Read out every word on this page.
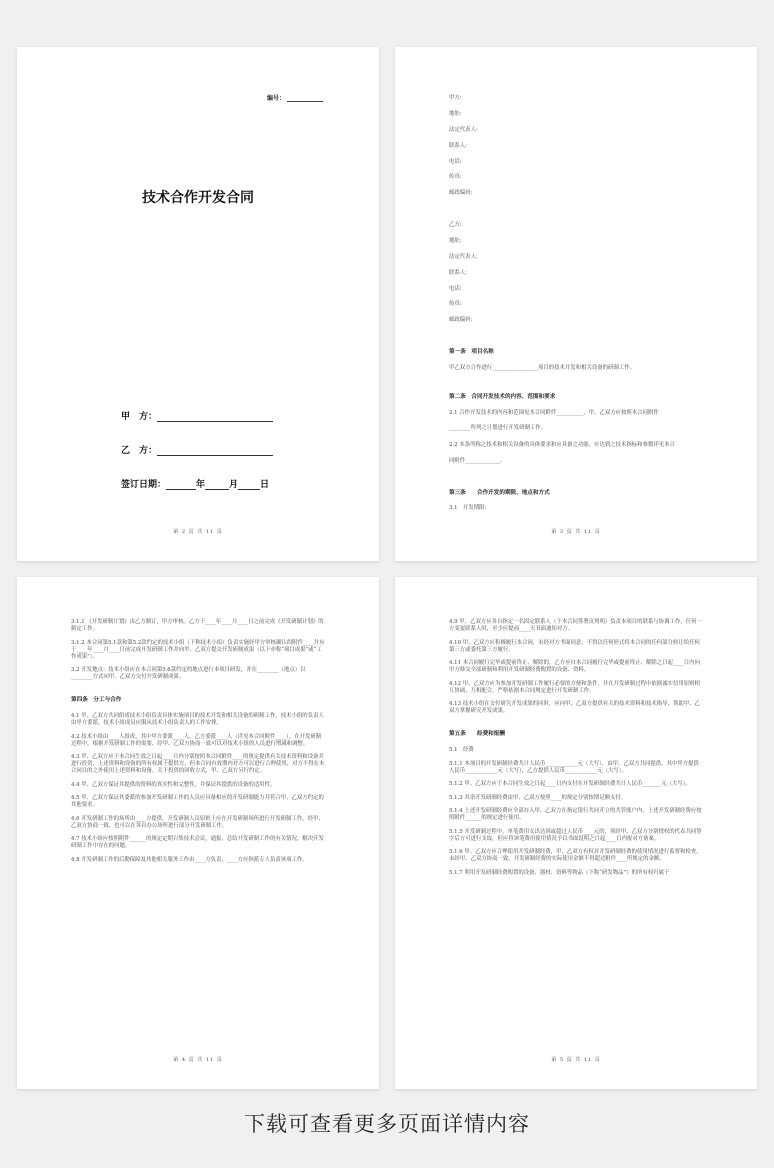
编号：
技术合作开发合同
甲　方：
乙　方：
签订日期：	年	月 日
第 2 页 共 11 页
甲方:
地址:
法定代表人:
联系人:
电话:
传真:
邮政编码:
乙方:
地址:
法定代表人:
联系人:
电话:
传真:
邮政编码:
第一条　项目名称
甲乙双方合作进行_________________项目的技术开发和相关设备的研制工作。
第二条　合同开发技术的内容、范围和要求
2.1 合作开发技术的内容和范围见本合同附件__________，甲、乙双方应按照本合同附件
________所列之计划进行开发研制工作。
2.2 本条所称之技术和相关设备的具体要求和应具备之功能、应达到之技术指标和参数详见本合
同附件_____________。
第三条　　合作开发的期限、地点和方式
3.1　开发期限:
第 3 页 共 11 页

3.1.1 《开发研制计划》由乙方制订，甲方审核。乙方于____年____月____日之前完成《开发研制计划》的制定工作。

3.1.2 本合同第5.1款和第5.2款约定的技术小组（下称技术小组）负责实施经甲方审核确认的附件____并应于____年____月____日前完成开发研制工作并向甲、乙双方提交开发研制成果（以下亦称“项目成果”或“工作成果”）。

3.2 开发地点：技术小组应在本合同第5.6款约定的地点进行本项目研发，并在________（地点）以________方式向甲、乙双方交付开发研制成果。

第四条　分工与合作

4.1 甲、乙双方共同组成技术小组负责具体实施项目的技术开发和相关设备的研制工作，技术小组的负责人由甲方委派，技术小组成员应服从技术小组负责人的工作安排。

4.2 技术小组由____人组成，其中甲方委派____人，乙方委派____人（详见本合同附件____），在开发研制过程中，根据开发研制工作的需要，经甲、乙双方协商一致可以对技术小组的人员进行增减和调整。

4.3 甲、乙双方应于本合同生效之日起____日内分别按照本合同附件____的规定提供有关技术资料和设备并进行投资，上述资料和设备的所有权属于提供方，但本合同有效期内对方可以进行合理使用，对方不得在本合同目的之外使用上述资料和设备。关于投资的回收方式，甲、乙双方另行约定。

4.4 甲、乙双方保证其提供的资料的真实性和完整性，并保证其提供的设备的适用性。

4.5 甲、乙双方保证其委派的参加开发研制工作的人员应具备相应的开发研制能力并符合甲、乙双方约定的其他要求。

4.6 开发研制工作的场所由____方提供，开发研制人员原则上应在开发研制场所进行开发研制工作，经甲、乙双方协商一致，也可以在各自办公场所进行部分开发研制工作。

4.7 技术小组应按照附件______的规定定期召集技术会议，通报、总结开发研制工作的有关情况，解决开发研制工作中存在的问题。

4.8 开发研制工作的后勤保障及其他相关服务工作由____方负责，____方应指派专人负责该项工作。

第 4 页 共 11 页

4.9 甲、乙双方应各自指定一名固定联系人（于本合同签署页列明）负责本项目的联系与协调工作，任何一方变更联系人时，至少应提前____天书面通知对方。

4.10 甲、乙双方应积极履行本合同，未经对方书面同意，不得以任何形式将本合同的任何部分转让给任何第三方或委托第三方履行。

4.11 本合同履行完毕或提前终止、解除的，乙方应自本合同履行完毕或提前终止、解除之日起____日内向甲方移交全部研制和利用开发研制经费购置的设备、资料。

4.12 甲、乙双方应为参加开发研制工作履行必要的方便和条件，并在开发研制过程中依据诚实信用原则相互协调、互相配合，严格依据本合同规定进行开发研制工作。

4.13 技术小组在交付研究开发成果的同时，应向甲、乙双方提供有关的技术资料和技术指导、帮助甲、乙双方掌握研究开发成果。

第五条　　经费和报酬

5.1　经费

5.1.1 本项目的开发研制经费共计人民币____________元（大写），由甲、乙双方共同提供，其中甲方提供人民币____________元（大写），乙方提供人民币____________元（大写）。

5.1.2 甲、乙双方应于本合同生效之日起____日内支付在开发研制经费共计人民币_______元（大写）。

5.1.3 其余开发研制经费由甲、乙双方按照____的规定分别按期足额支付。

5.1.4 上述开发研制经费应全部存入甲、乙双方在指定银行共同开立的共管账户内，上述开发研制经费应按照附件______的规定进行使用。

5.1.5 开发研制过程中，单笔费用支出达到或超过人民币____元的，须经甲、乙双方分别授权的代表共同签字后方可进行支取，但应将该笔费用使用情况予以书面说明之日起____日内报对方备案。

5.1.6 甲、乙双方应合理使用开发研制经费，甲、乙双方有权对开发研制经费的使用情况进行监督和检查，未经甲、乙双方协商一致，开发研制经费的实际使用金额不得超过附件____所规定的金额。

5.1.7 利用开发研制经费购置的设备、器材、资料等物品（下称“研发物品”）的所有权归属于

第 5 页 共 11 页
下载可查看更多页面详情内容
